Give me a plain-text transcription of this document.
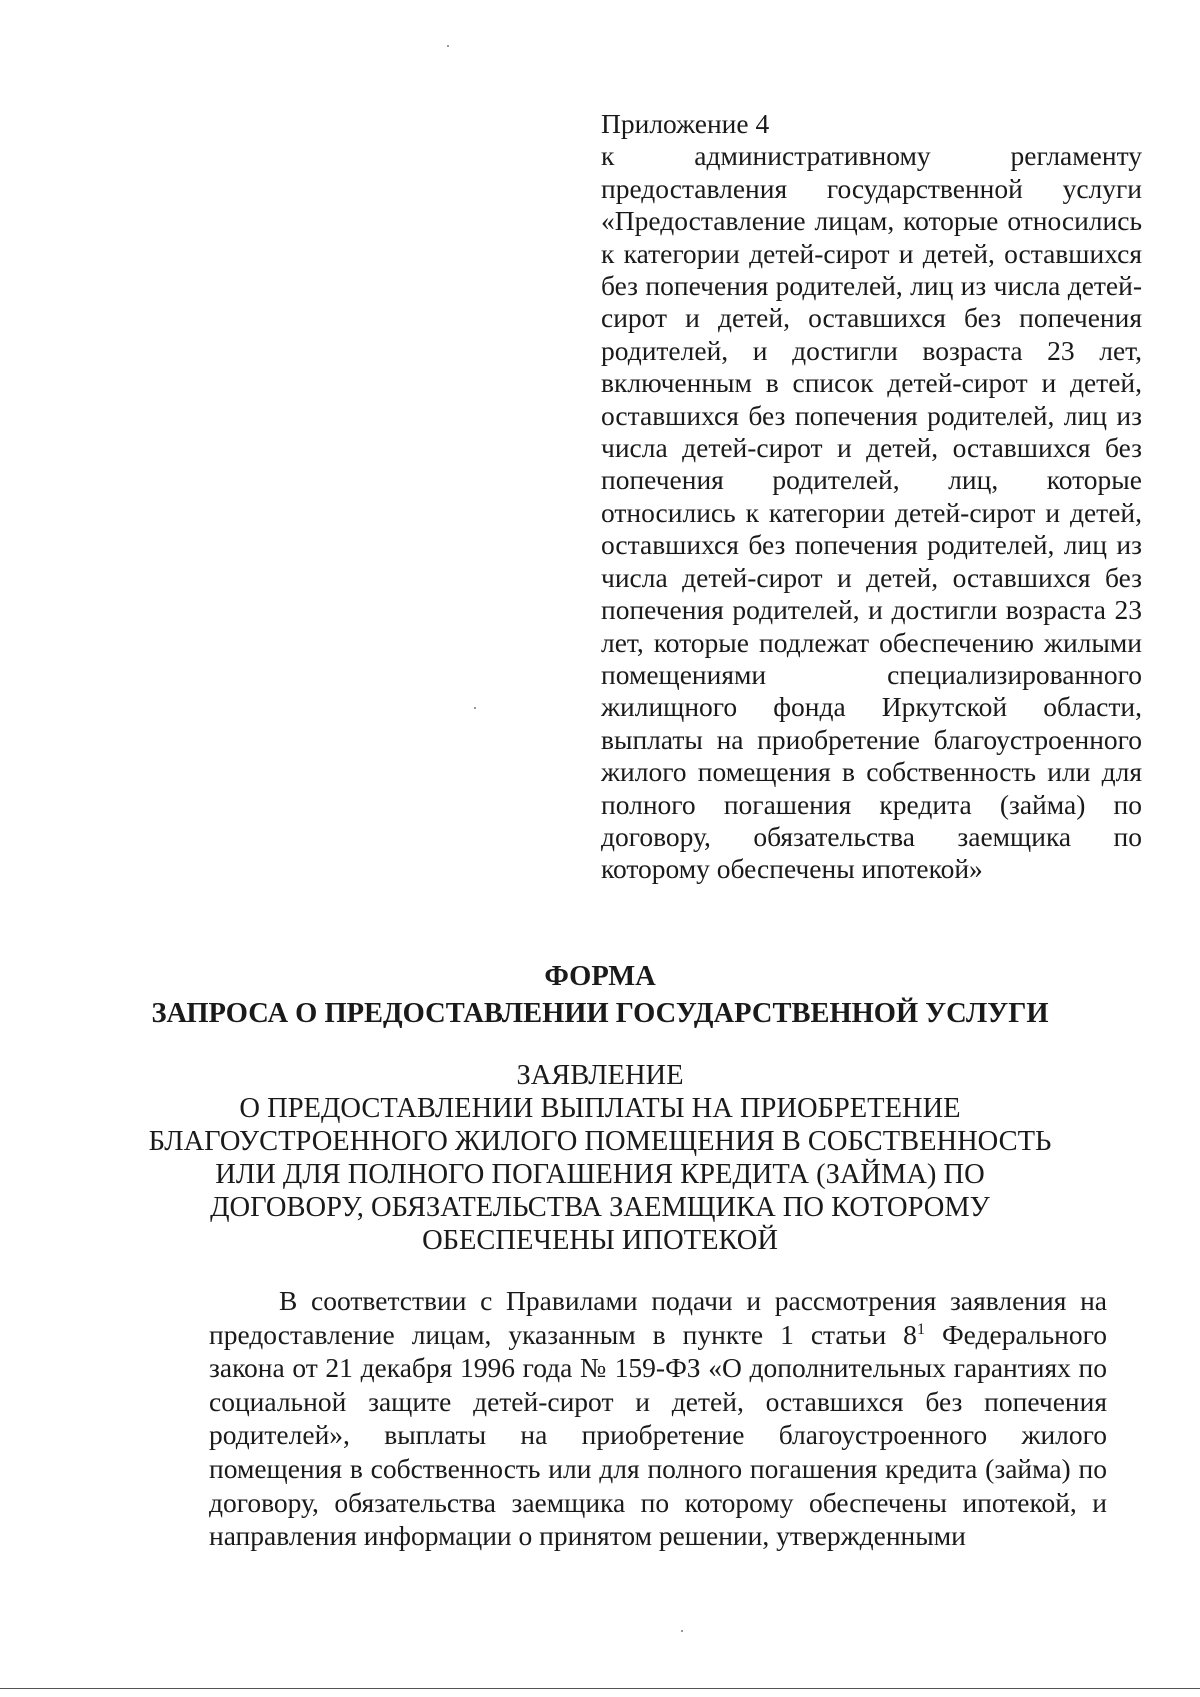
Приложение 4
к административному регламенту предоставления государственной услуги «Предоставление лицам, которые относились к категории детей-сирот и детей, оставшихся без попечения родителей, лиц из числа детей-сирот и детей, оставшихся без попечения родителей, и достигли возраста 23 лет, включенным в список детей-сирот и детей, оставшихся без попечения родителей, лиц из числа детей-сирот и детей, оставшихся без попечения родителей, лиц, которые относились к категории детей-сирот и детей, оставшихся без попечения родителей, лиц из числа детей-сирот и детей, оставшихся без попечения родителей, и достигли возраста 23 лет, которые подлежат обеспечению жилыми помещениями специализированного жилищного фонда Иркутской области, выплаты на приобретение благоустроенного жилого помещения в собственность или для полного погашения кредита (займа) по договору, обязательства заемщика по которому обеспечены ипотекой»
ФОРМА
ЗАПРОСА О ПРЕДОСТАВЛЕНИИ ГОСУДАРСТВЕННОЙ УСЛУГИ
ЗАЯВЛЕНИЕ
О ПРЕДОСТАВЛЕНИИ ВЫПЛАТЫ НА ПРИОБРЕТЕНИЕ БЛАГОУСТРОЕННОГО ЖИЛОГО ПОМЕЩЕНИЯ В СОБСТВЕННОСТЬ ИЛИ ДЛЯ ПОЛНОГО ПОГАШЕНИЯ КРЕДИТА (ЗАЙМА) ПО ДОГОВОРУ, ОБЯЗАТЕЛЬСТВА ЗАЕМЩИКА ПО КОТОРОМУ ОБЕСПЕЧЕНЫ ИПОТЕКОЙ
В соответствии с Правилами подачи и рассмотрения заявления на предоставление лицам, указанным в пункте 1 статьи $8^1$ Федерального закона от 21 декабря 1996 года № 159-ФЗ «О дополнительных гарантиях по социальной защите детей-сирот и детей, оставшихся без попечения родителей», выплаты на приобретение благоустроенного жилого помещения в собственность или для полного погашения кредита (займа) по договору, обязательства заемщика по которому обеспечены ипотекой, и направления информации о принятом решении, утвержденными
